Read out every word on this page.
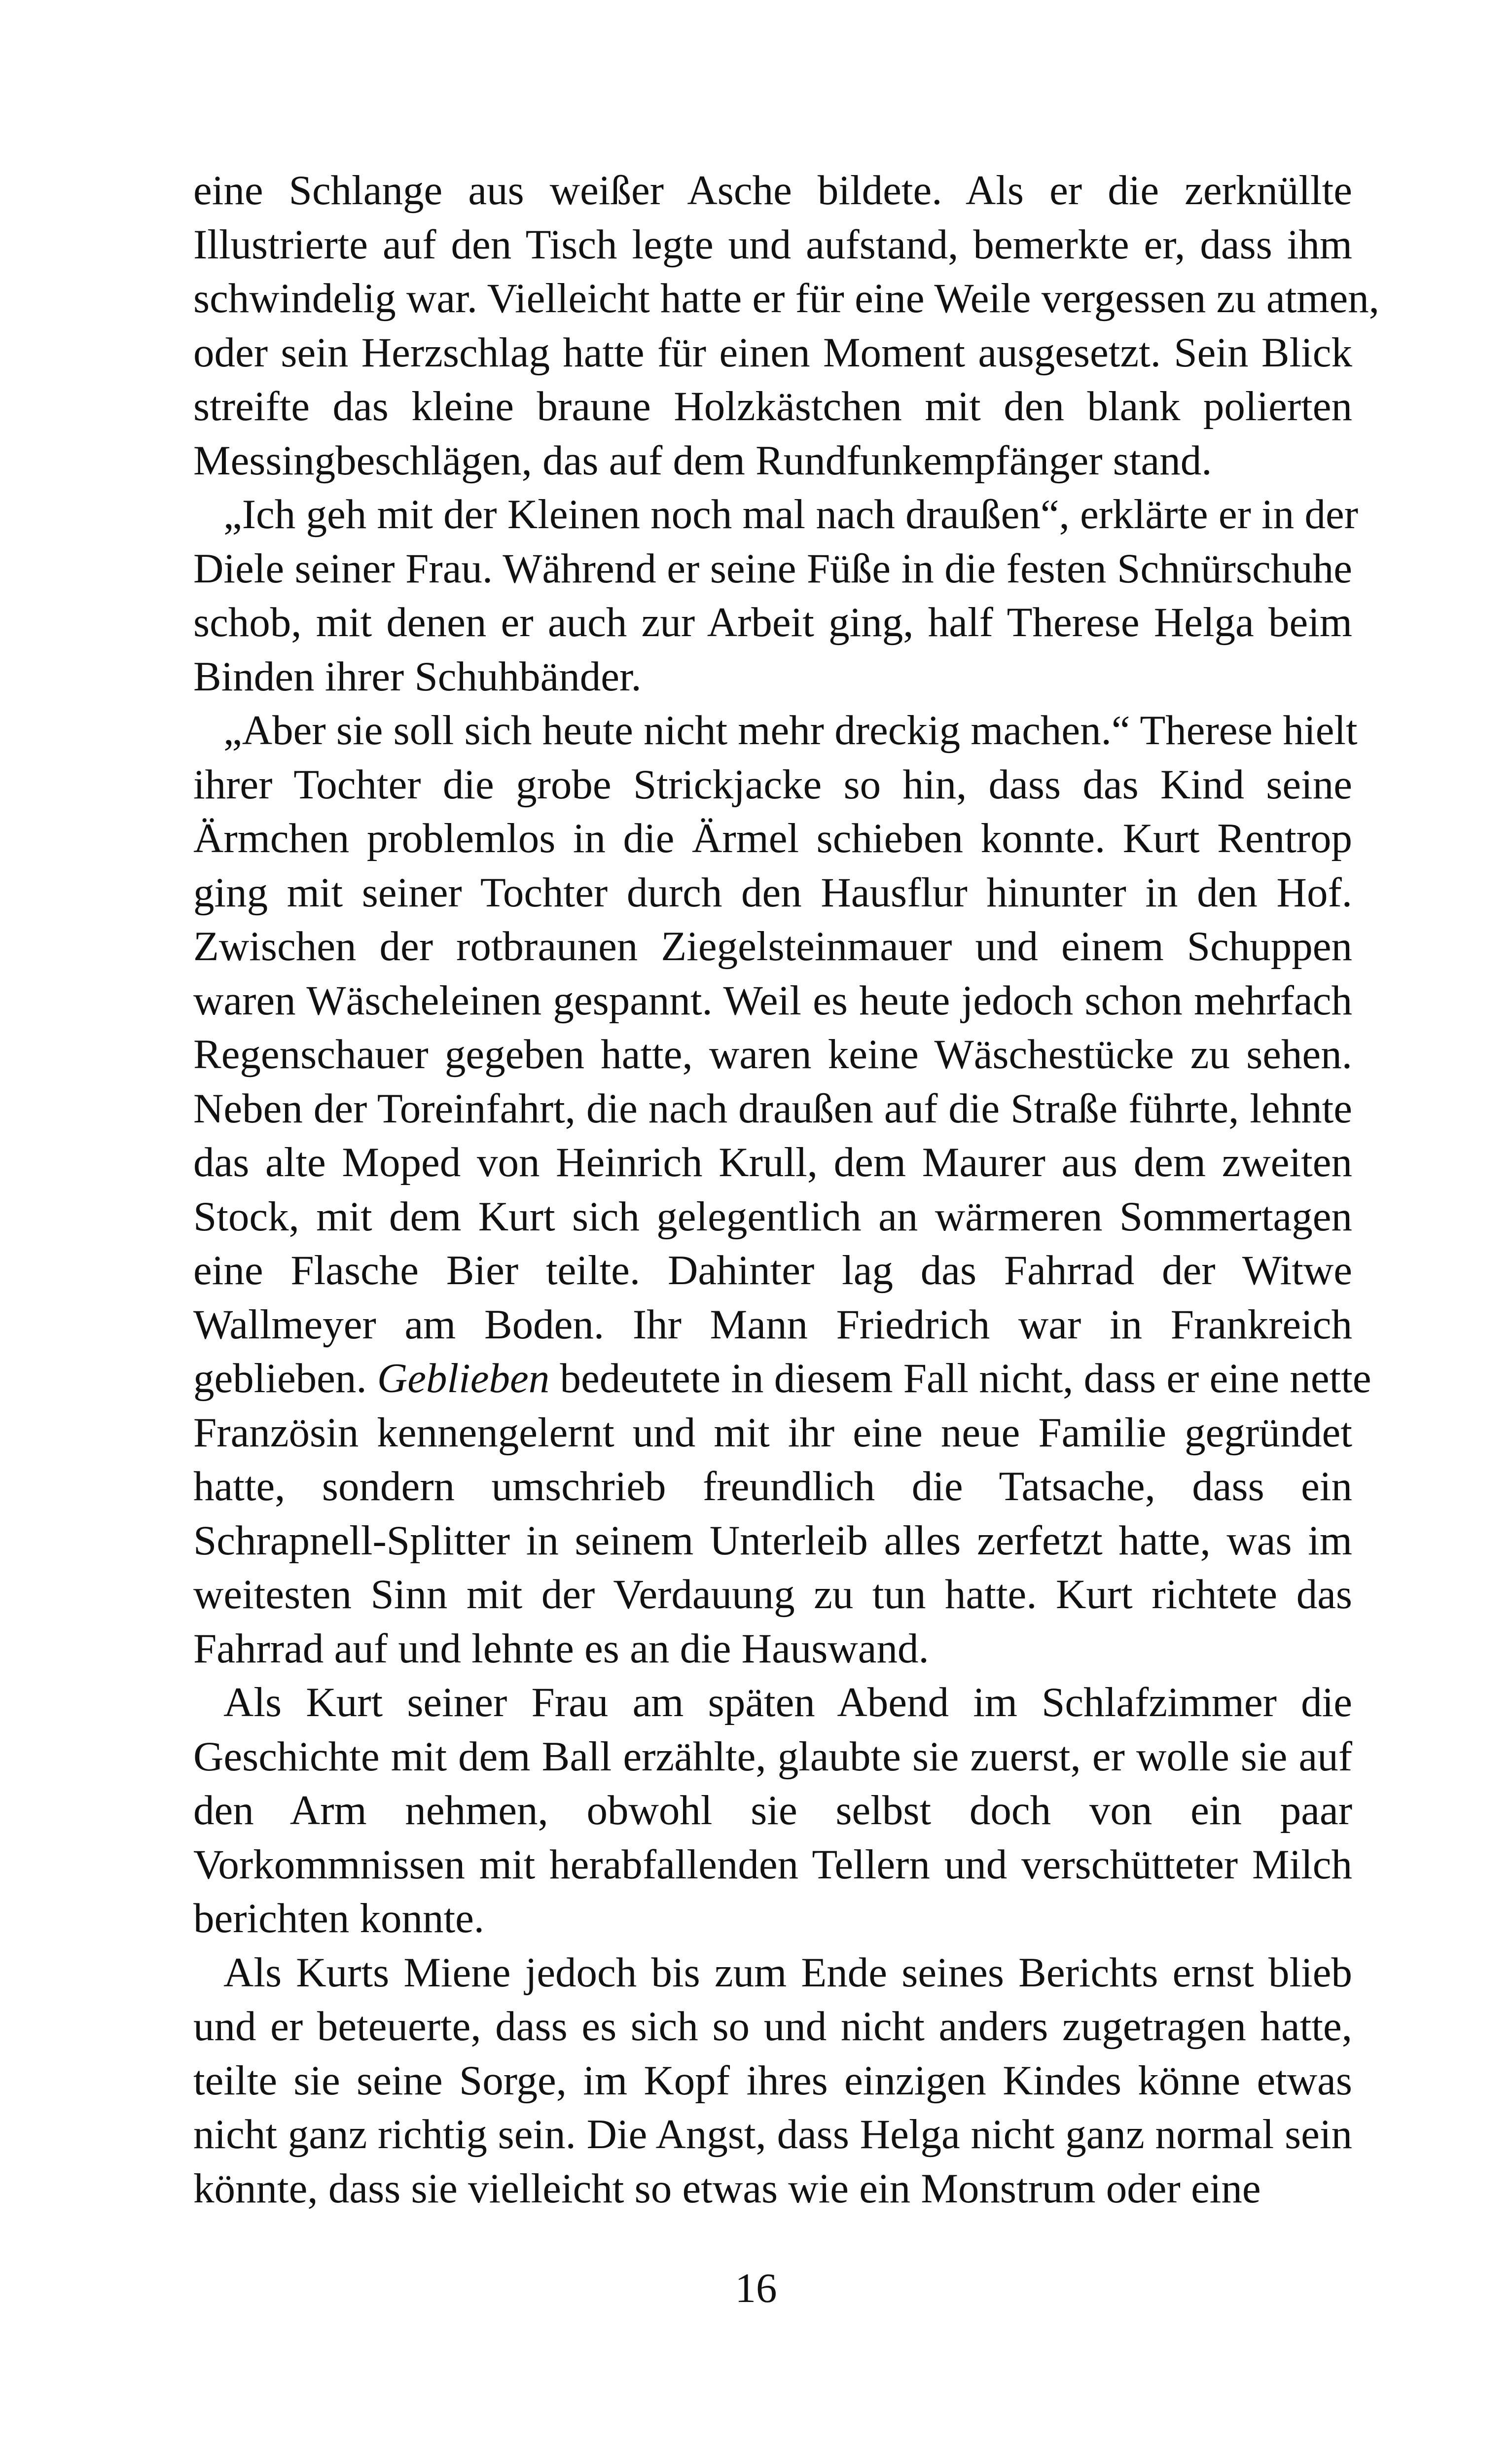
eine Schlange aus weißer Asche bildete. Als er die zerknüllte
Illustrierte auf den Tisch legte und aufstand, bemerkte er, dass ihm
schwindelig war. Vielleicht hatte er für eine Weile vergessen zu atmen,
oder sein Herzschlag hatte für einen Moment ausgesetzt. Sein Blick
streifte das kleine braune Holzkästchen mit den blank polierten
Messingbeschlägen, das auf dem Rundfunkempfänger stand.
„Ich geh mit der Kleinen noch mal nach draußen“, erklärte er in der
Diele seiner Frau. Während er seine Füße in die festen Schnürschuhe
schob, mit denen er auch zur Arbeit ging, half Therese Helga beim
Binden ihrer Schuhbänder.
„Aber sie soll sich heute nicht mehr dreckig machen.“ Therese hielt
ihrer Tochter die grobe Strickjacke so hin, dass das Kind seine
Ärmchen problemlos in die Ärmel schieben konnte. Kurt Rentrop
ging mit seiner Tochter durch den Hausflur hinunter in den Hof.
Zwischen der rotbraunen Ziegelsteinmauer und einem Schuppen
waren Wäscheleinen gespannt. Weil es heute jedoch schon mehrfach
Regenschauer gegeben hatte, waren keine Wäschestücke zu sehen.
Neben der Toreinfahrt, die nach draußen auf die Straße führte, lehnte
das alte Moped von Heinrich Krull, dem Maurer aus dem zweiten
Stock, mit dem Kurt sich gelegentlich an wärmeren Sommertagen
eine Flasche Bier teilte. Dahinter lag das Fahrrad der Witwe
Wallmeyer am Boden. Ihr Mann Friedrich war in Frankreich
geblieben. Geblieben bedeutete in diesem Fall nicht, dass er eine nette
Französin kennengelernt und mit ihr eine neue Familie gegründet
hatte, sondern umschrieb freundlich die Tatsache, dass ein
Schrapnell-Splitter in seinem Unterleib alles zerfetzt hatte, was im
weitesten Sinn mit der Verdauung zu tun hatte. Kurt richtete das
Fahrrad auf und lehnte es an die Hauswand.
Als Kurt seiner Frau am späten Abend im Schlafzimmer die
Geschichte mit dem Ball erzählte, glaubte sie zuerst, er wolle sie auf
den Arm nehmen, obwohl sie selbst doch von ein paar
Vorkommnissen mit herabfallenden Tellern und verschütteter Milch
berichten konnte.
Als Kurts Miene jedoch bis zum Ende seines Berichts ernst blieb
und er beteuerte, dass es sich so und nicht anders zugetragen hatte,
teilte sie seine Sorge, im Kopf ihres einzigen Kindes könne etwas
nicht ganz richtig sein. Die Angst, dass Helga nicht ganz normal sein
könnte, dass sie vielleicht so etwas wie ein Monstrum oder eine
16
